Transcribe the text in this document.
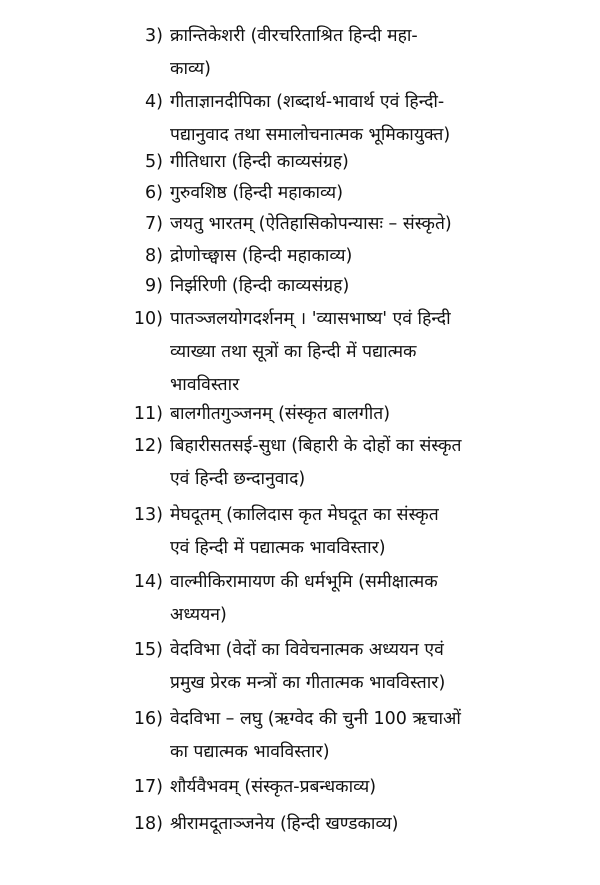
3) क्रान्तिकेशरी (वीरचरिताश्रित हिन्दी महा-
काव्य)
4) गीताज्ञानदीपिका (शब्दार्थ-भावार्थ एवं हिन्दी-
पद्यानुवाद तथा समालोचनात्मक भूमिकायुक्त)
5) गीतिधारा (हिन्दी काव्यसंग्रह)
6) गुरुवशिष्ठ (हिन्दी महाकाव्य)
7) जयतु भारतम् (ऐतिहासिकोपन्यासः – संस्कृते)
8) द्रोणोच्छ्वास (हिन्दी महाकाव्य)
9) निर्झरिणी (हिन्दी काव्यसंग्रह)
10) पातञ्जलयोगदर्शनम् । 'व्यासभाष्य' एवं हिन्दी
व्याख्या तथा सूत्रों का हिन्दी में पद्यात्मक
भावविस्तार
11) बालगीतगुञ्जनम् (संस्कृत बालगीत)
12) बिहारीसतसई-सुधा (बिहारी के दोहों का संस्कृत
एवं हिन्दी छन्दानुवाद)
13) मेघदूतम् (कालिदास कृत मेघदूत का संस्कृत
एवं हिन्दी में पद्यात्मक भावविस्तार)
14) वाल्मीकिरामायण की धर्मभूमि (समीक्षात्मक
अध्ययन)
15) वेदविभा (वेदों का विवेचनात्मक अध्ययन एवं
प्रमुख प्रेरक मन्त्रों का गीतात्मक भावविस्तार)
16) वेदविभा – लघु (ऋग्वेद की चुनी 100 ऋचाओं
का पद्यात्मक भावविस्तार)
17) शौर्यवैभवम् (संस्कृत-प्रबन्धकाव्य)
18) श्रीरामदूताञ्जनेय (हिन्दी खण्डकाव्य)
